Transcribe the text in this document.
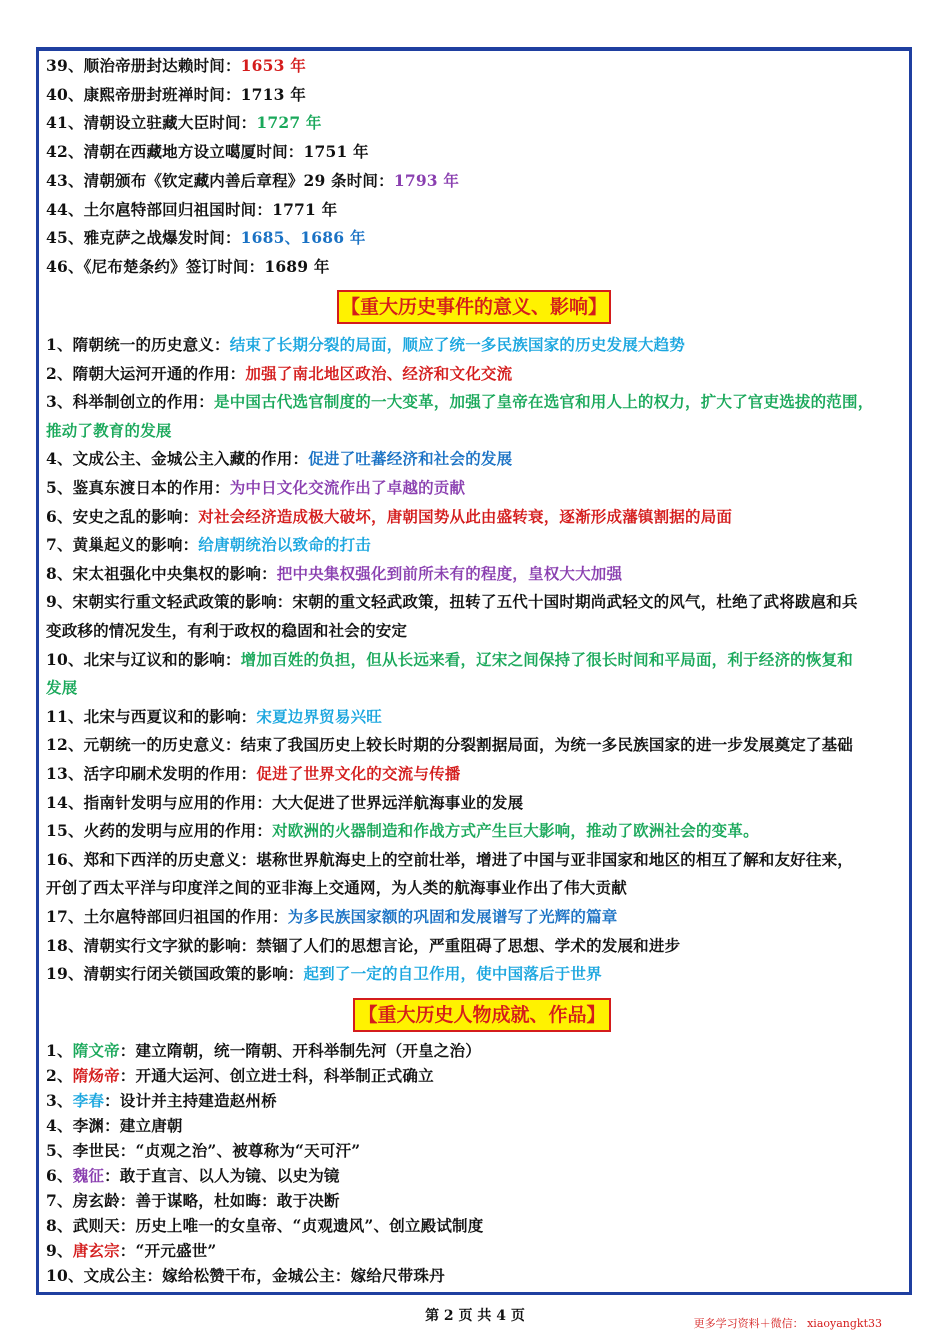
39、顺治帝册封达赖时间：1653 年
40、康熙帝册封班禅时间：1713 年
41、清朝设立驻藏大臣时间：1727 年
42、清朝在西藏地方设立噶厦时间：1751 年
43、清朝颁布《钦定藏内善后章程》29 条时间：1793 年
44、土尔扈特部回归祖国时间：1771 年
45、雅克萨之战爆发时间：1685、1686 年
46、《尼布楚条约》签订时间：1689 年
【重大历史事件的意义、影响】
1、隋朝统一的历史意义：结束了长期分裂的局面，顺应了统一多民族国家的历史发展大趋势
2、隋朝大运河开通的作用：加强了南北地区政治、经济和文化交流
3、科举制创立的作用：是中国古代选官制度的一大变革，加强了皇帝在选官和用人上的权力，扩大了官吏选拔的范围，
推动了教育的发展
4、文成公主、金城公主入藏的作用：促进了吐蕃经济和社会的发展
5、鉴真东渡日本的作用：为中日文化交流作出了卓越的贡献
6、安史之乱的影响：对社会经济造成极大破坏，唐朝国势从此由盛转衰，逐渐形成藩镇割据的局面
7、黄巢起义的影响：给唐朝统治以致命的打击
8、宋太祖强化中央集权的影响：把中央集权强化到前所未有的程度，皇权大大加强
9、宋朝实行重文轻武政策的影响：宋朝的重文轻武政策，扭转了五代十国时期尚武轻文的风气，杜绝了武将跋扈和兵
变政移的情况发生，有利于政权的稳固和社会的安定
10、北宋与辽议和的影响：增加百姓的负担，但从长远来看，辽宋之间保持了很长时间和平局面，利于经济的恢复和
发展
11、北宋与西夏议和的影响：宋夏边界贸易兴旺
12、元朝统一的历史意义：结束了我国历史上较长时期的分裂割据局面，为统一多民族国家的进一步发展奠定了基础
13、活字印刷术发明的作用：促进了世界文化的交流与传播
14、指南针发明与应用的作用：大大促进了世界远洋航海事业的发展
15、火药的发明与应用的作用：对欧洲的火器制造和作战方式产生巨大影响，推动了欧洲社会的变革。
16、郑和下西洋的历史意义：堪称世界航海史上的空前壮举，增进了中国与亚非国家和地区的相互了解和友好往来，
开创了西太平洋与印度洋之间的亚非海上交通网，为人类的航海事业作出了伟大贡献
17、土尔扈特部回归祖国的作用：为多民族国家额的巩固和发展谱写了光辉的篇章
18、清朝实行文字狱的影响：禁锢了人们的思想言论，严重阻碍了思想、学术的发展和进步
19、清朝实行闭关锁国政策的影响：起到了一定的自卫作用，使中国落后于世界
【重大历史人物成就、作品】
1、隋文帝：建立隋朝，统一隋朝、开科举制先河（开皇之治）
2、隋炀帝：开通大运河、创立进士科，科举制正式确立
3、李春：设计并主持建造赵州桥
4、李渊：建立唐朝
5、李世民：“贞观之治”、被尊称为“天可汗”
6、魏征：敢于直言、以人为镜、以史为镜
7、房玄龄：善于谋略，杜如晦：敢于决断
8、武则天：历史上唯一的女皇帝、“贞观遗风”、创立殿试制度
9、唐玄宗：“开元盛世”
10、文成公主：嫁给松赞干布，金城公主：嫁给尺带珠丹
第 2 页 共 4 页	更多学习资料＋微信： xiaoyangkt33
